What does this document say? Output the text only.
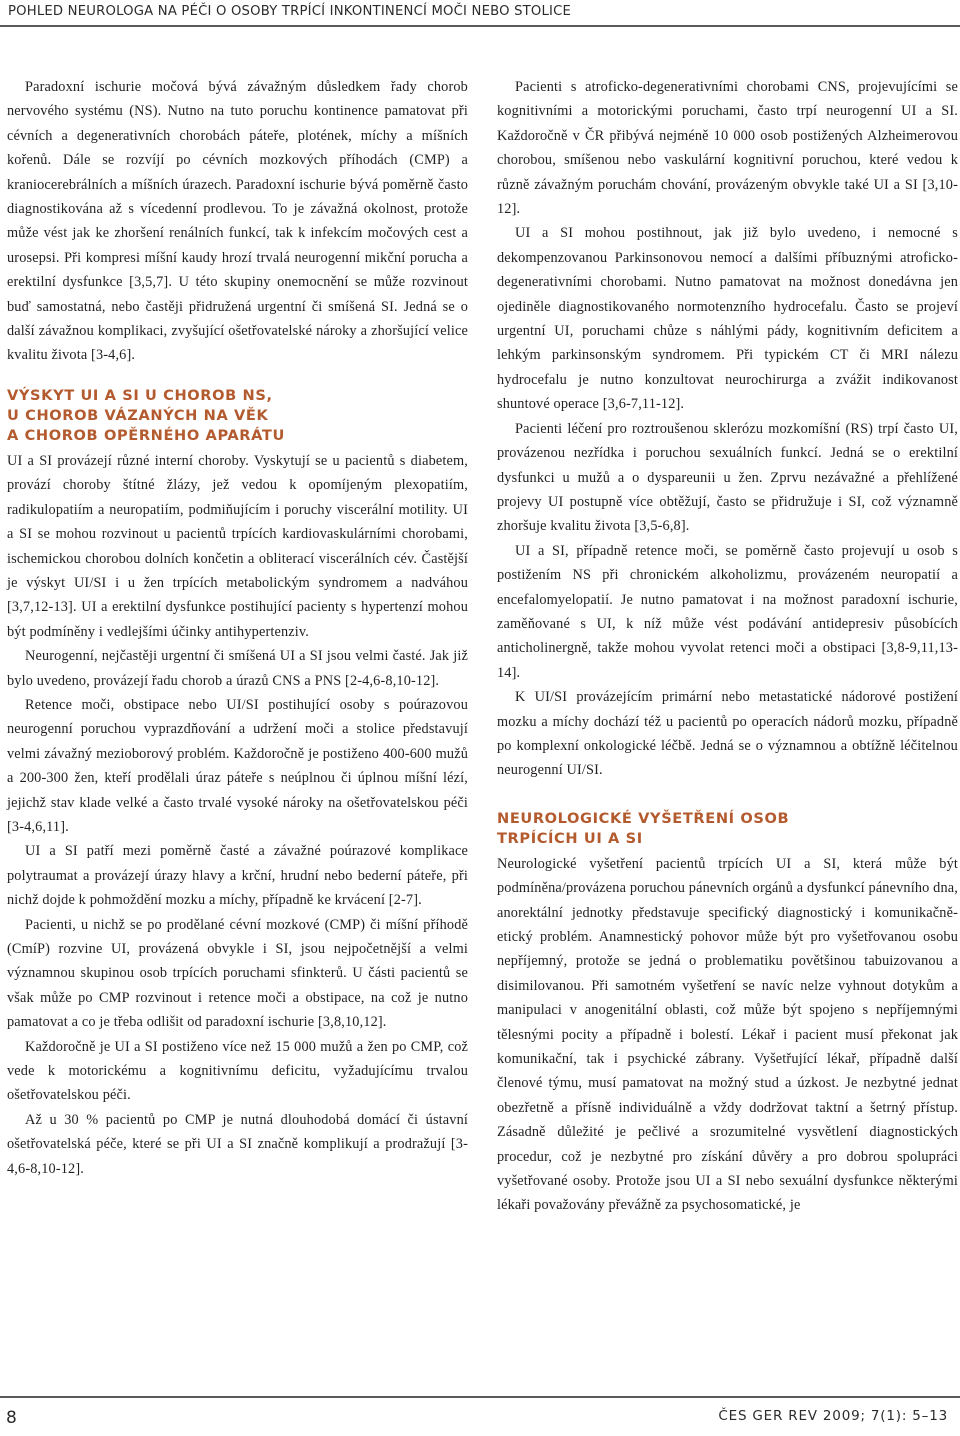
POHLED NEUROLOGA NA PÉČI O OSOBY TRPÍCÍ INKONTINENCÍ MOČI NEBO STOLICE

Paradoxní ischurie močová bývá závažným důsledkem řady chorob nervového systému (NS). Nutno na tuto poruchu kontinence pamatovat při cévních a degenerativních chorobách páteře, plotének, míchy a míšních kořenů. Dále se rozvíjí po cévních mozkových příhodách (CMP) a kraniocerebrálních a míšních úrazech. Paradoxní ischurie bývá poměrně často diagnostikována až s vícedenní prodlevou. To je závažná okolnost, protože může vést jak ke zhoršení renálních funkcí, tak k infekcím močových cest a urosepsi. Při kompresi míšní kaudy hrozí trvalá neurogenní mikční porucha a erektilní dysfunkce [3,5,7]. U této skupiny onemocnění se může rozvinout buď samostatná, nebo častěji přidružená urgentní či smíšená SI. Jedná se o další závažnou komplikaci, zvyšující ošetřovatelské nároky a zhoršující velice kvalitu života [3-4,6].

VÝSKYT UI A SI U CHOROB NS,
U CHOROB VÁZANÝCH NA VĚK
A CHOROB OPĚRNÉHO APARÁTU

UI a SI provázejí různé interní choroby. Vyskytují se u pacientů s diabetem, provází choroby štítné žlázy, jež vedou k opomíjeným plexopatiím, radikulopatiím a neuropatiím, podmiňujícím i poruchy viscerální motility. UI a SI se mohou rozvinout u pacientů trpících kardiovaskulárními chorobami, ischemickou chorobou dolních končetin a obliterací viscerálních cév. Častější je výskyt UI/SI i u žen trpících metabolickým syndromem a nadváhou [3,7,12-13]. UI a erektilní dysfunkce postihující pacienty s hypertenzí mohou být podmíněny i vedlejšími účinky antihypertenziv.

Neurogenní, nejčastěji urgentní či smíšená UI a SI jsou velmi časté. Jak již bylo uvedeno, provázejí řadu chorob a úrazů CNS a PNS [2-4,6-8,10-12].

Retence moči, obstipace nebo UI/SI postihující osoby s poúrazovou neurogenní poruchou vyprazdňování a udržení moči a stolice představují velmi závažný mezioborový problém. Každoročně je postiženo 400-600 mužů a 200-300 žen, kteří prodělali úraz páteře s neúplnou či úplnou míšní lézí, jejichž stav klade velké a často trvalé vysoké nároky na ošetřovatelskou péči [3-4,6,11].

UI a SI patří mezi poměrně časté a závažné poúrazové komplikace polytraumat a provázejí úrazy hlavy a krční, hrudní nebo bederní páteře, při nichž dojde k pohmoždění mozku a míchy, případně ke krvácení [2-7].

Pacienti, u nichž se po prodělané cévní mozkové (CMP) či míšní příhodě (CmíP) rozvine UI, provázená obvykle i SI, jsou nejpočetnější a velmi významnou skupinou osob trpících poruchami sfinkterů. U části pacientů se však může po CMP rozvinout i retence moči a obstipace, na což je nutno pamatovat a co je třeba odlišit od paradoxní ischurie [3,8,10,12].

Každoročně je UI a SI postiženo více než 15 000 mužů a žen po CMP, což vede k motorickému a kognitivnímu deficitu, vyžadujícímu trvalou ošetřovatelskou péči.

Až u 30 % pacientů po CMP je nutná dlouhodobá domácí či ústavní ošetřovatelská péče, které se při UI a SI značně komplikují a prodražují [3-4,6-8,10-12].

Pacienti s atroficko-degenerativními chorobami CNS, projevujícími se kognitivními a motorickými poruchami, často trpí neurogenní UI a SI. Každoročně v ČR přibývá nejméně 10 000 osob postižených Alzheimerovou chorobou, smíšenou nebo vaskulární kognitivní poruchou, které vedou k různě závažným poruchám chování, provázeným obvykle také UI a SI [3,10-12].

UI a SI mohou postihnout, jak již bylo uvedeno, i nemocné s dekompenzovanou Parkinsonovou nemocí a dalšími příbuznými atroficko-degenerativními chorobami. Nutno pamatovat na možnost donedávna jen ojediněle diagnostikovaného normotenzního hydrocefalu. Často se projeví urgentní UI, poruchami chůze s náhlými pády, kognitivním deficitem a lehkým parkinsonským syndromem. Při typickém CT či MRI nálezu hydrocefalu je nutno konzultovat neurochirurga a zvážit indikovanost shuntové operace [3,6-7,11-12].

Pacienti léčení pro roztroušenou sklerózu mozkomíšní (RS) trpí často UI, provázenou nezřídka i poruchou sexuálních funkcí. Jedná se o erektilní dysfunkci u mužů a o dyspareunii u žen. Zprvu nezávažné a přehlížené projevy UI postupně více obtěžují, často se přidružuje i SI, což významně zhoršuje kvalitu života [3,5-6,8].

UI a SI, případně retence moči, se poměrně často projevují u osob s postižením NS při chronickém alkoholizmu, provázeném neuropatií a encefalomyelopatií. Je nutno pamatovat i na možnost paradoxní ischurie, zaměňované s UI, k níž může vést podávání antidepresiv působících anticholinergně, takže mohou vyvolat retenci moči a obstipaci [3,8-9,11,13-14].

K UI/SI provázejícím primární nebo metastatické nádorové postižení mozku a míchy dochází též u pacientů po operacích nádorů mozku, případně po komplexní onkologické léčbě. Jedná se o významnou a obtížně léčitelnou neurogenní UI/SI.

NEUROLOGICKÉ VYŠETŘENÍ OSOB
TRPÍCÍCH UI A SI

Neurologické vyšetření pacientů trpících UI a SI, která může být podmíněna/provázena poruchou pánevních orgánů a dysfunkcí pánevního dna, anorektální jednotky představuje specifický diagnostický i komunikačně-etický problém. Anamnestický pohovor může být pro vyšetřovanou osobu nepříjemný, protože se jedná o problematiku povětšinou tabuizovanou a disimilovanou. Při samotném vyšetření se navíc nelze vyhnout dotykům a manipulaci v anogenitální oblasti, což může být spojeno s nepříjemnými tělesnými pocity a případně i bolestí. Lékař i pacient musí překonat jak komunikační, tak i psychické zábrany. Vyšetřující lékař, případně další členové týmu, musí pamatovat na možný stud a úzkost. Je nezbytné jednat obezřetně a přísně individuálně a vždy dodržovat taktní a šetrný přístup. Zásadně důležité je pečlivé a srozumitelné vysvětlení diagnostických procedur, což je nezbytné pro získání důvěry a pro dobrou spolupráci vyšetřované osoby. Protože jsou UI a SI nebo sexuální dysfunkce některými lékaři považovány převážně za psychosomatické, je

8	ČES GER REV 2009; 7(1): 5–13
